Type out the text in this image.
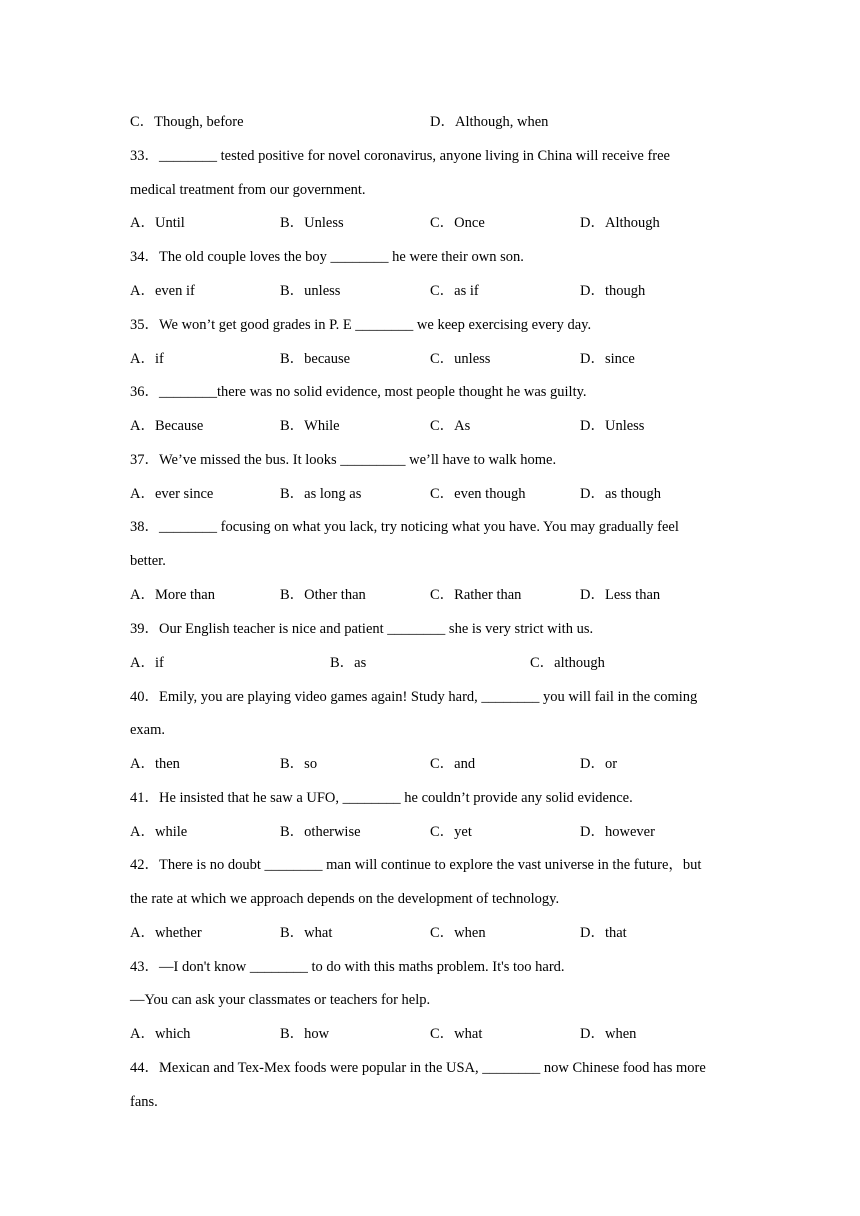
C．Though, before	D．Although, when
33．________ tested positive for novel coronavirus, anyone living in China will receive free
medical treatment from our government.
A．Until	B．Unless	C．Once	D．Although
34．The old couple loves the boy ________ he were their own son.
A．even if	B．unless	C．as if	D．though
35．We won’t get good grades in P. E ________ we keep exercising every day.
A．if	B．because	C．unless	D．since
36．________there was no solid evidence, most people thought he was guilty.
A．Because	B．While	C．As	D．Unless
37．We’ve missed the bus. It looks _________ we’ll have to walk home.
A．ever since	B．as long as	C．even though	D．as though
38．________ focusing on what you lack, try noticing what you have. You may gradually feel
better.
A．More than	B．Other than	C．Rather than	D．Less than
39．Our English teacher is nice and patient ________ she is very strict with us.
A．if	B．as	C．although
40．Emily, you are playing video games again! Study hard, ________ you will fail in the coming
exam.
A．then	B．so	C．and	D．or
41．He insisted that he saw a UFO, ________ he couldn’t provide any solid evidence.
A．while	B．otherwise	C．yet	D．however
42．There is no doubt ________ man will continue to explore the vast universe in the future，but
the rate at which we approach depends on the development of technology.
A．whether	B．what	C．when	D．that
43．—I don't know ________ to do with this maths problem. It's too hard.
—You can ask your classmates or teachers for help.
A．which	B．how	C．what	D．when
44．Mexican and Tex-Mex foods were popular in the USA, ________ now Chinese food has more
fans.
